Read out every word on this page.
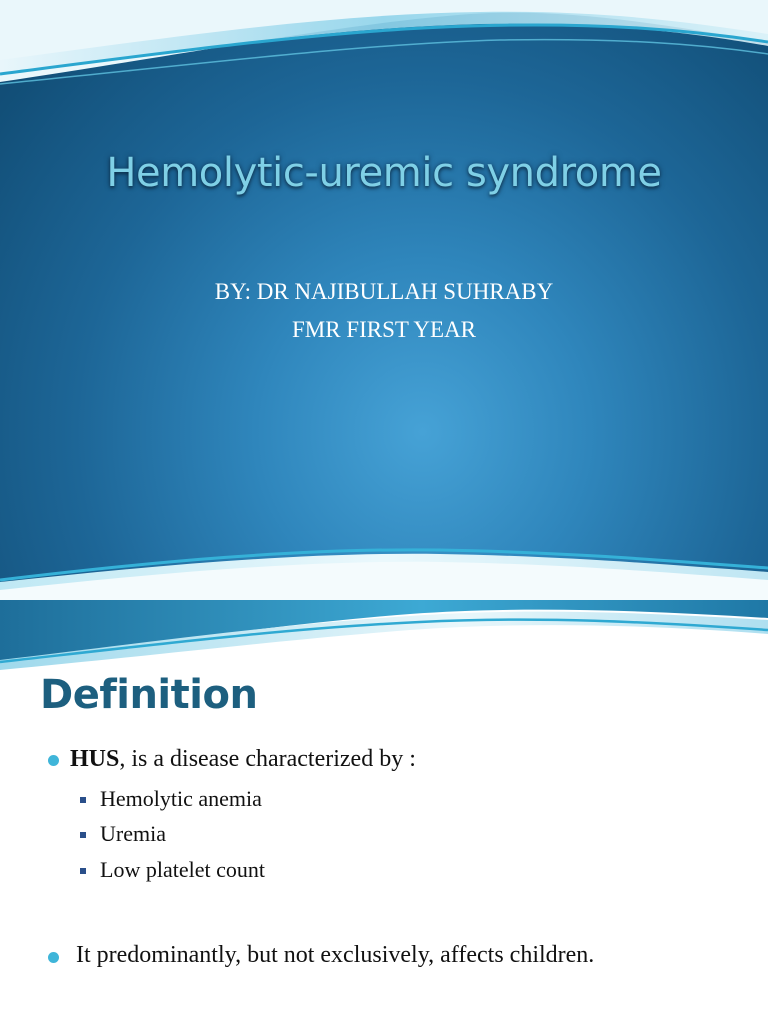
Hemolytic-uremic syndrome
BY: DR NAJIBULLAH SUHRABY
FMR FIRST YEAR
Definition
HUS, is a disease characterized by :
Hemolytic anemia
Uremia
Low platelet count
It predominantly, but not exclusively, affects children.
